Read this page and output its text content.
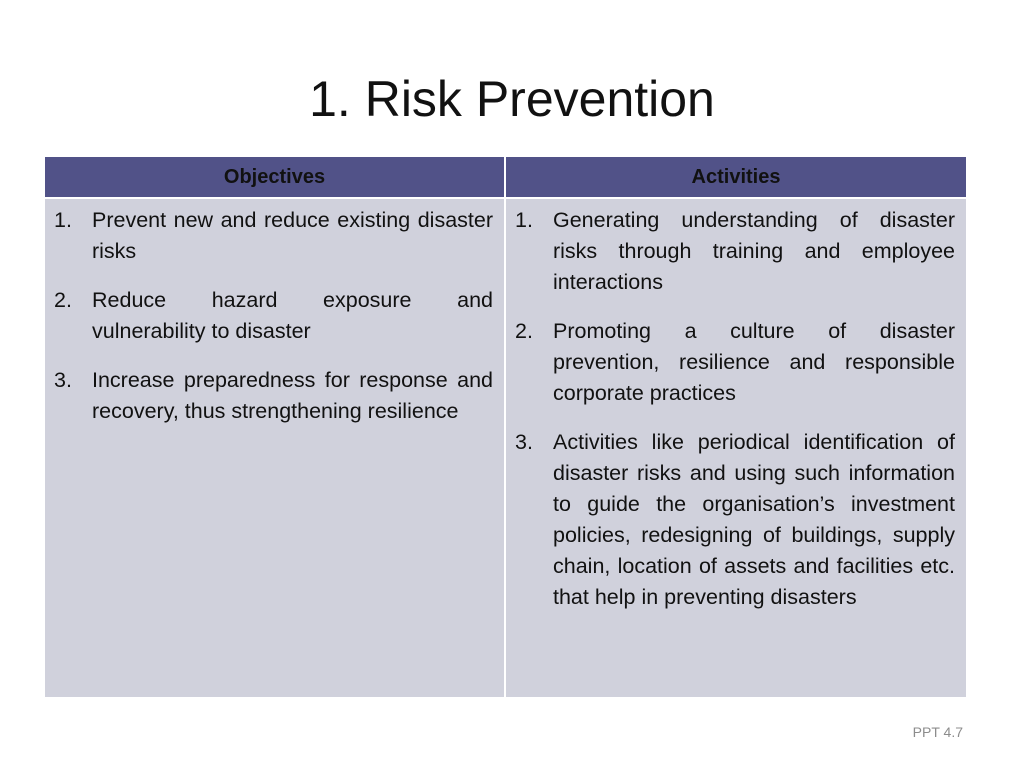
1. Risk Prevention
Objectives	Activities
1. Prevent new and reduce existing disaster risks
2. Reduce hazard exposure and vulnerability to disaster
3. Increase preparedness for response and recovery, thus strengthening resilience
1. Generating understanding of disaster risks through training and employee interactions
2. Promoting a culture of disaster prevention, resilience and responsible corporate practices
3. Activities like periodical identification of disaster risks and using such information to guide the organisation’s investment policies, redesigning of buildings, supply chain, location of assets and facilities etc. that help in preventing disasters
PPT 4.7
